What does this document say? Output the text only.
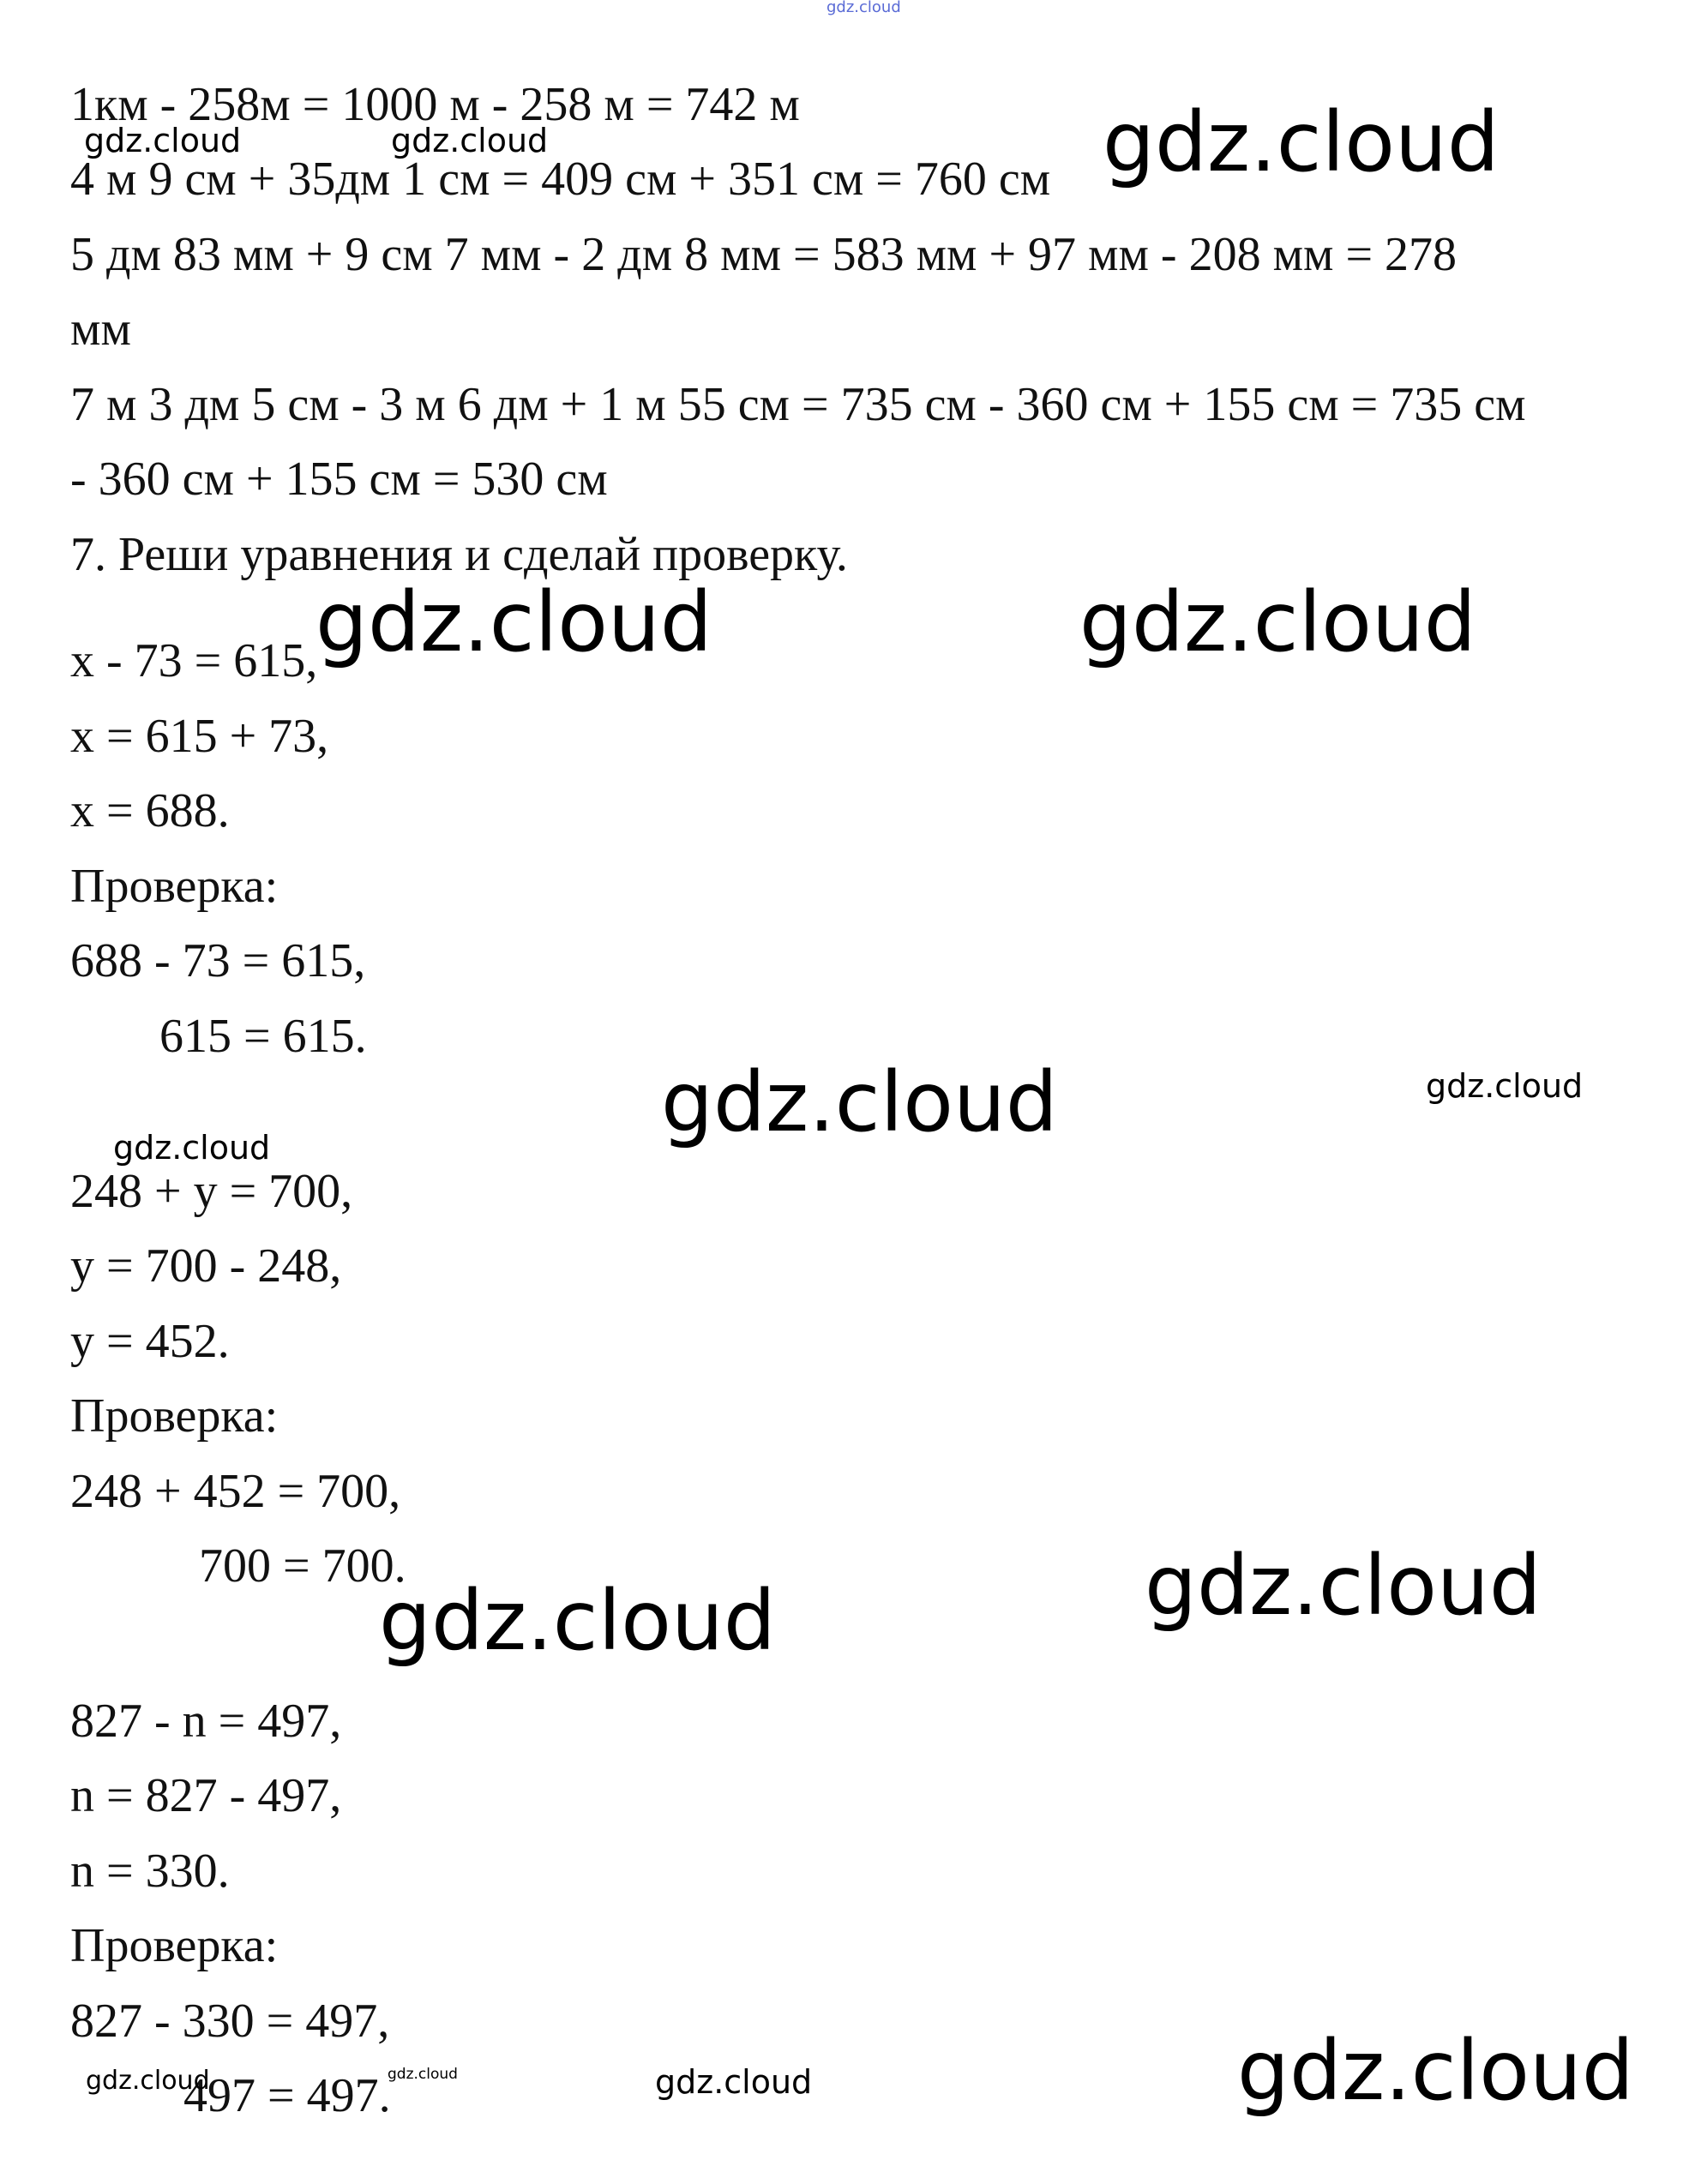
gdz.cloud
1км - 258м = 1000 м - 258 м = 742 м
4 м 9 см + 35дм 1 см = 409 см + 351 см = 760 см
5 дм 83 мм + 9 см 7 мм - 2 дм 8 мм = 583 мм + 97 мм - 208 мм = 278
мм
7 м 3 дм 5 см - 3 м 6 дм + 1 м 55 см = 735 см - 360 см + 155 см = 735 см
- 360 см + 155 см = 530 см
7. Реши уравнения и сделай проверку.
x - 73 = 615,
x = 615 + 73,
x = 688.
Проверка:
688 - 73 = 615,
615 = 615.
248 + y = 700,
y = 700 - 248,
y = 452.
Проверка:
248 + 452 = 700,
700 = 700.
827 - n = 497,
n = 827 - 497,
n = 330.
Проверка:
827 - 330 = 497,
497 = 497.
gdz.cloud	gdz.cloud	gdz.cloud
gdz.cloud	gdz.cloud
gdz.cloud	gdz.cloud
gdz.cloud
gdz.cloud
gdz.cloud
gdz.cloud
gdz.cloud
gdz.cloud	gdz.cloud
